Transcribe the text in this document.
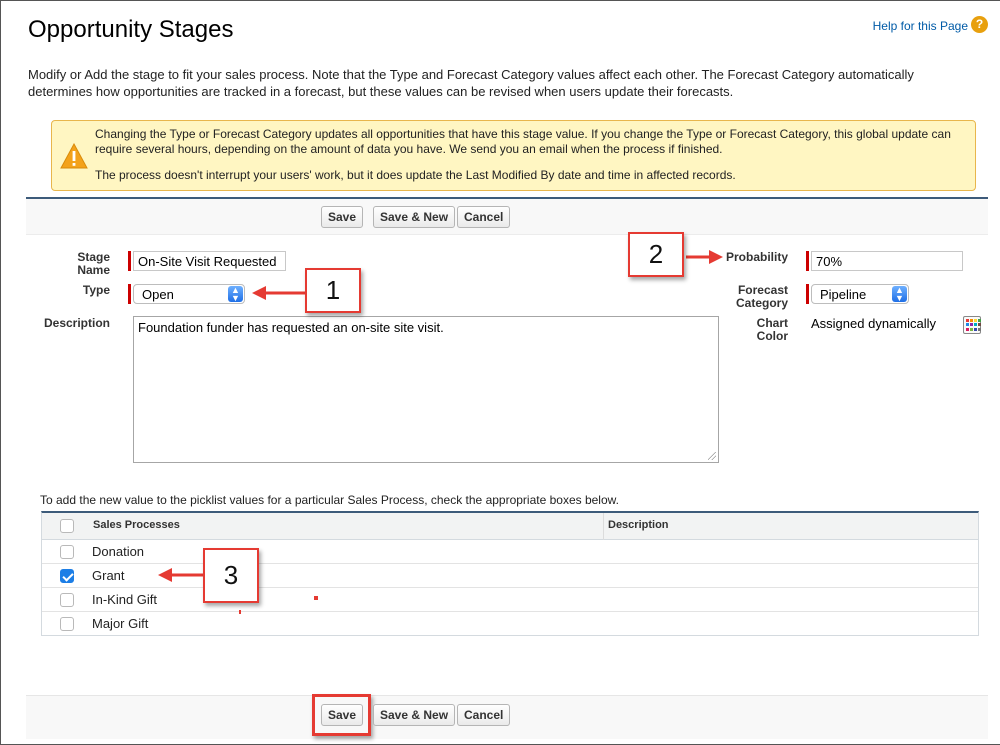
Opportunity Stages	Help for this Page ?
Modify or Add the stage to fit your sales process. Note that the Type and Forecast Category values affect each other. The Forecast Category automatically determines how opportunities are tracked in a forecast, but these values can be revised when users update their forecasts.

Changing the Type or Forecast Category updates all opportunities that have this stage value. If you change the Type or Forecast Category, this global update can require several hours, depending on the amount of data you have. We send you an email when the process if finished.

The process doesn't interrupt your users' work, but it does update the Last Modified By date and time in affected records.

Save	Save & New	Cancel
Stage Name
On-Site Visit Requested
Type	Open	▲
▼
Description	Foundation funder has requested an on-site site visit.
Probability	70%
Forecast Category
Pipeline	▲
▼
Chart Color
Assigned dynamically
To add the new value to the picklist values for a particular Sales Process, check the appropriate boxes below.
Sales Processes	Description
Donation
Grant
In-Kind Gift
Major Gift
Save	Save & New	Cancel
1
2
3
